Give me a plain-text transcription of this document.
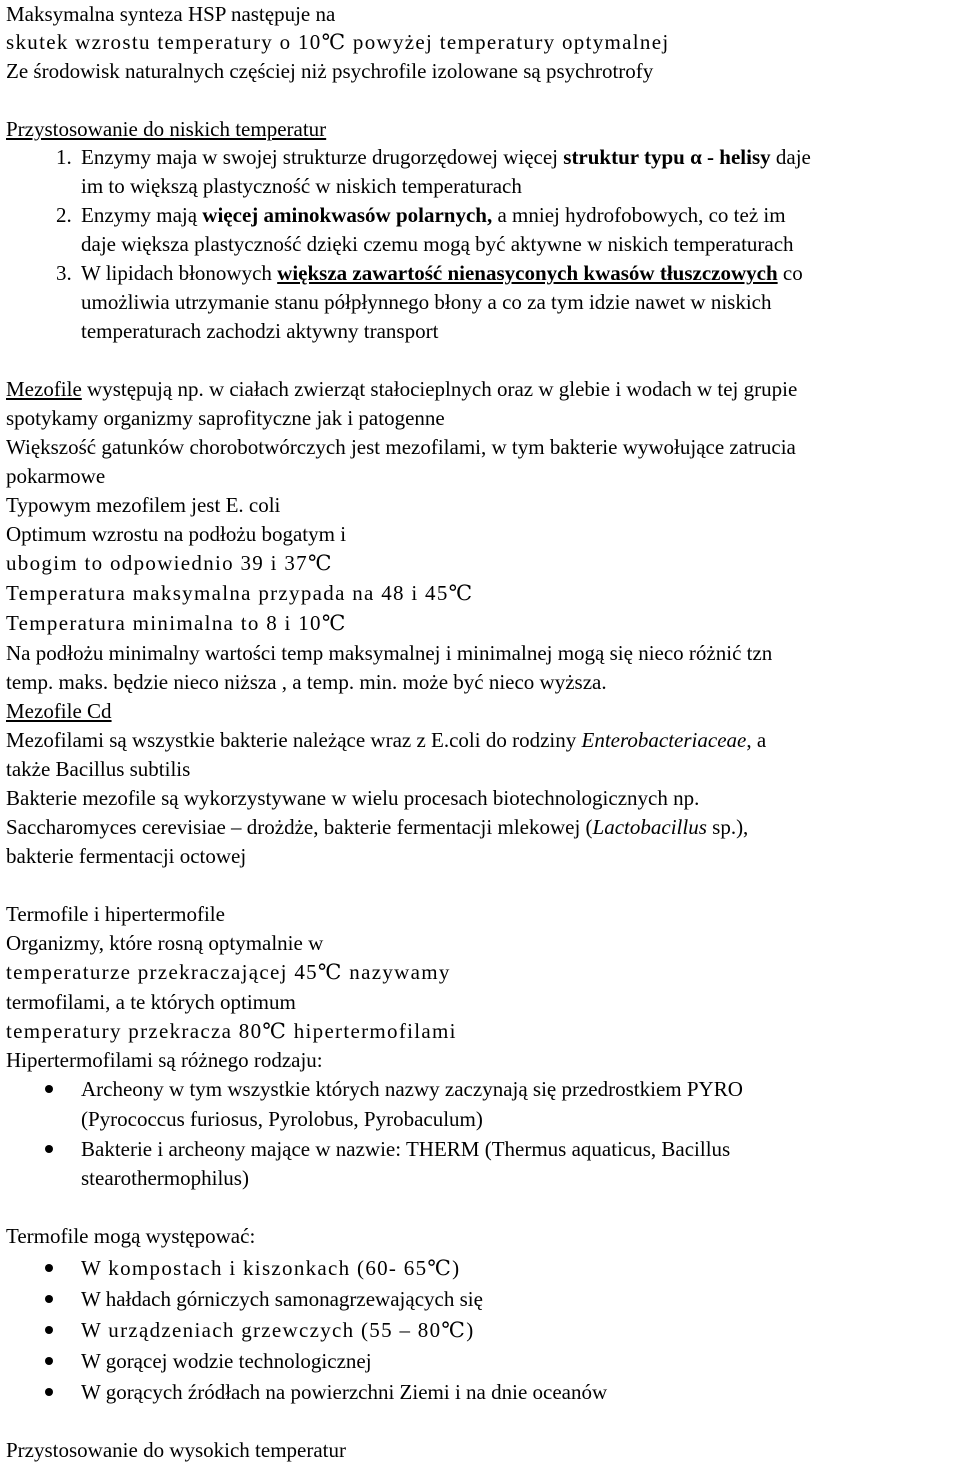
Maksymalna synteza HSP następuje na
skutek wzrostu temperatury o 10℃ powyżej temperatury optymalnej
Ze środowisk naturalnych częściej niż psychrofile izolowane są psychrotrofy
Przystosowanie do niskich temperatur
1. Enzymy maja w swojej strukturze drugorzędowej więcej struktur typu α - helisy daje
im to większą plastyczność w niskich temperaturach
2. Enzymy mają więcej aminokwasów polarnych, a mniej hydrofobowych, co też im
daje większa plastyczność dzięki czemu mogą być aktywne w niskich temperaturach
3. W lipidach błonowych większa zawartość nienasyconych kwasów tłuszczowych co
umożliwia utrzymanie stanu półpłynnego błony a co za tym idzie nawet w niskich
temperaturach zachodzi aktywny transport
Mezofile występują np. w ciałach zwierząt stałocieplnych oraz w glebie i wodach w tej grupie
spotykamy organizmy saprofityczne jak i patogenne
Większość gatunków chorobotwórczych jest mezofilami, w tym bakterie wywołujące zatrucia
pokarmowe
Typowym mezofilem jest E. coli
Optimum wzrostu na podłożu bogatym i
ubogim to odpowiednio 39 i 37℃
Temperatura maksymalna przypada na 48 i 45℃
Temperatura minimalna to 8 i 10℃
Na podłożu minimalny wartości temp maksymalnej i minimalnej mogą się nieco różnić tzn
temp. maks. będzie nieco niższa , a temp. min. może być nieco wyższa.
Mezofile Cd
Mezofilami są wszystkie bakterie należące wraz z E.coli do rodziny Enterobacteriaceae, a
także Bacillus subtilis
Bakterie mezofile są wykorzystywane w wielu procesach biotechnologicznych np.
Saccharomyces cerevisiae – drożdże, bakterie fermentacji mlekowej (Lactobacillus sp.),
bakterie fermentacji octowej
Termofile i hipertermofile
Organizmy, które rosną optymalnie w
temperaturze przekraczającej 45℃ nazywamy
termofilami, a te których optimum
temperatury przekracza 80℃ hipertermofilami
Hipertermofilami są różnego rodzaju:
Archeony w tym wszystkie których nazwy zaczynają się przedrostkiem PYRO
(Pyrococcus furiosus, Pyrolobus, Pyrobaculum)
Bakterie i archeony mające w nazwie: THERM (Thermus aquaticus, Bacillus
stearothermophilus)
Termofile mogą występować:
W kompostach i kiszonkach (60- 65℃)
W hałdach górniczych samonagrzewających się
W urządzeniach grzewczych (55 – 80℃)
W gorącej wodzie technologicznej
W gorących źródłach na powierzchni Ziemi i na dnie oceanów
Przystosowanie do wysokich temperatur
